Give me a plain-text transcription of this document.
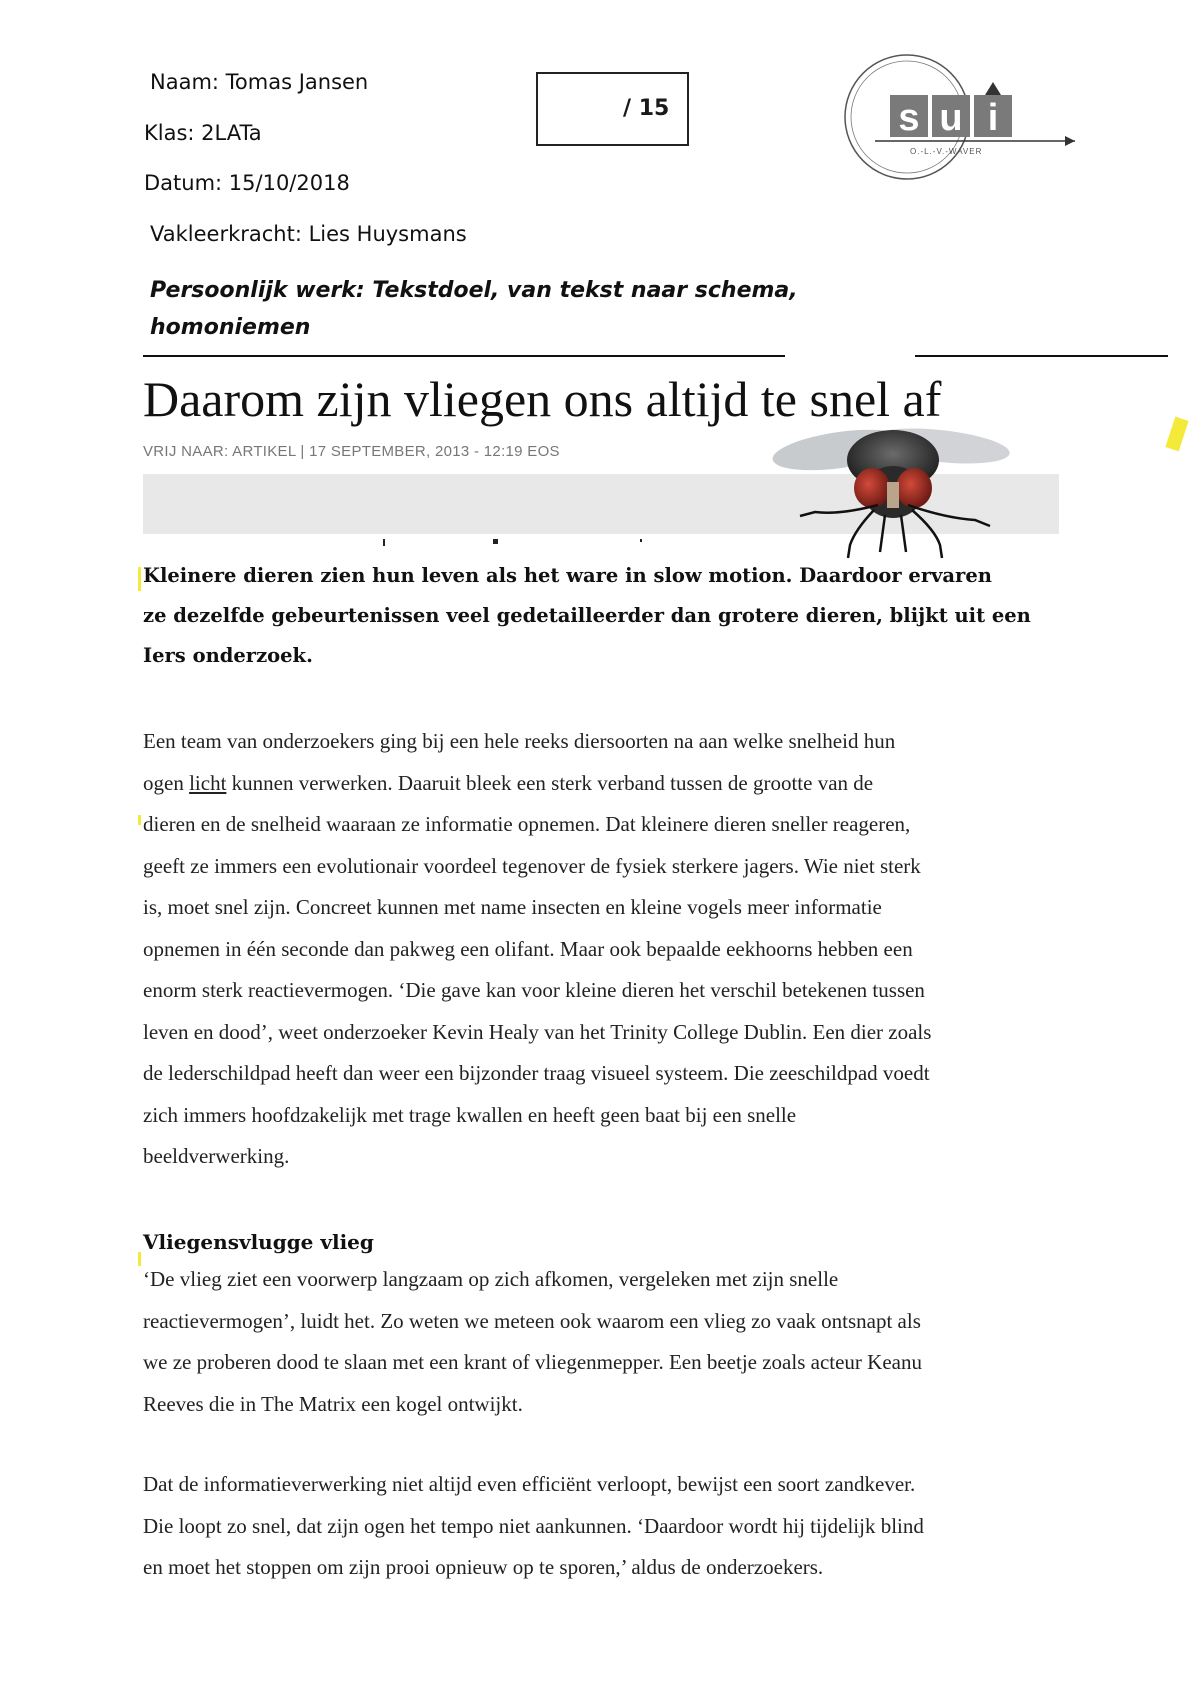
Naam: Tomas Jansen
Klas: 2LATa
Datum: 15/10/2018
Vakleerkracht: Lies Huysmans
Persoonlijk werk: Tekstdoel, van tekst naar schema,
homoniemen
/ 15	s u i
O.-L.-V.-WAVER
Daarom zijn vliegen ons altijd te snel af
VRIJ NAAR: ARTIKEL | 17 SEPTEMBER, 2013 - 12:19 EOS
Kleinere dieren zien hun leven als het ware in slow motion. Daardoor ervaren
ze dezelfde gebeurtenissen veel gedetailleerder dan grotere dieren, blijkt uit een
Iers onderzoek.
Een team van onderzoekers ging bij een hele reeks diersoorten na aan welke snelheid hun
ogen licht kunnen verwerken. Daaruit bleek een sterk verband tussen de grootte van de
dieren en de snelheid waaraan ze informatie opnemen. Dat kleinere dieren sneller reageren,
geeft ze immers een evolutionair voordeel tegenover de fysiek sterkere jagers. Wie niet sterk
is, moet snel zijn. Concreet kunnen met name insecten en kleine vogels meer informatie
opnemen in één seconde dan pakweg een olifant. Maar ook bepaalde eekhoorns hebben een
enorm sterk reactievermogen. ‘Die gave kan voor kleine dieren het verschil betekenen tussen
leven en dood’, weet onderzoeker Kevin Healy van het Trinity College Dublin. Een dier zoals
de lederschildpad heeft dan weer een bijzonder traag visueel systeem. Die zeeschildpad voedt
zich immers hoofdzakelijk met trage kwallen en heeft geen baat bij een snelle
beeldverwerking.
Vliegensvlugge vlieg
‘De vlieg ziet een voorwerp langzaam op zich afkomen, vergeleken met zijn snelle
reactievermogen’, luidt het. Zo weten we meteen ook waarom een vlieg zo vaak ontsnapt als
we ze proberen dood te slaan met een krant of vliegenmepper. Een beetje zoals acteur Keanu
Reeves die in The Matrix een kogel ontwijkt.
Dat de informatieverwerking niet altijd even efficiënt verloopt, bewijst een soort zandkever.
Die loopt zo snel, dat zijn ogen het tempo niet aankunnen. ‘Daardoor wordt hij tijdelijk blind
en moet het stoppen om zijn prooi opnieuw op te sporen,’ aldus de onderzoekers.
